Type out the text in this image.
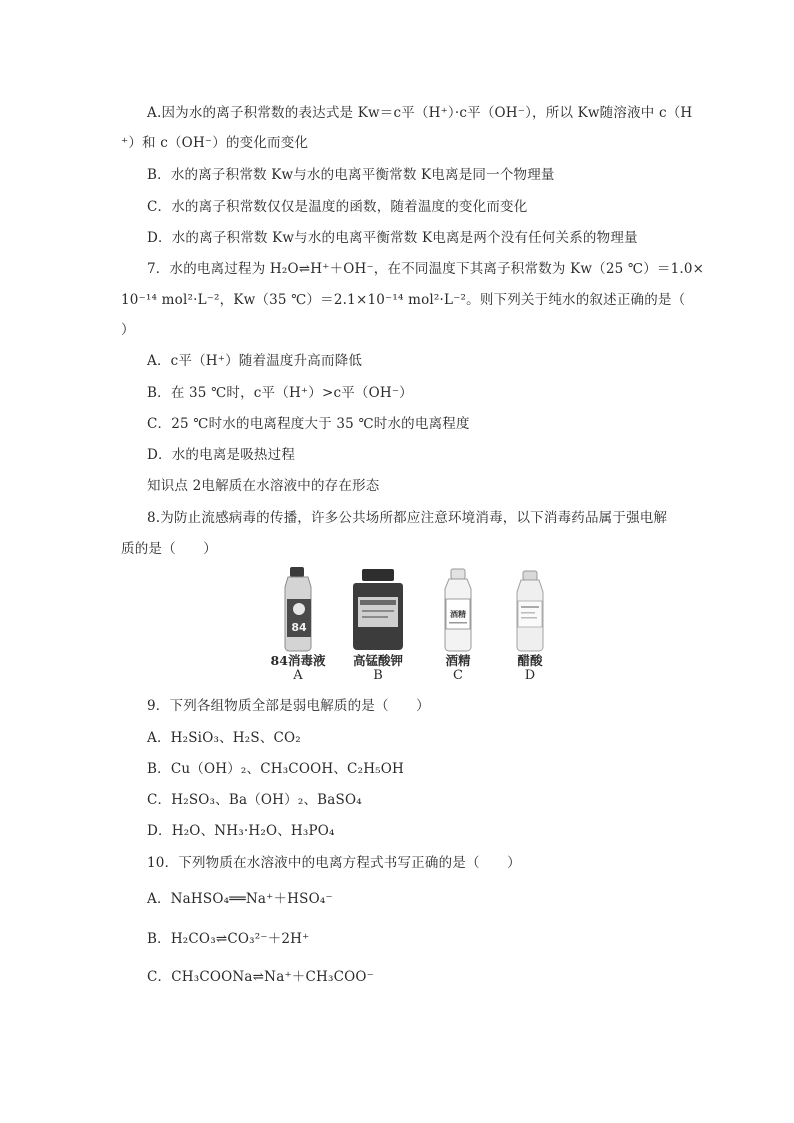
A.因为水的离子积常数的表达式是 Kw＝c平（H⁺）·c平（OH⁻），所以 Kw随溶液中 c（H

⁺）和 c（OH⁻）的变化而变化

B．水的离子积常数 Kw与水的电离平衡常数 K电离是同一个物理量

C．水的离子积常数仅仅是温度的函数，随着温度的变化而变化

D．水的离子积常数 Kw与水的电离平衡常数 K电离是两个没有任何关系的物理量

7．水的电离过程为 H₂O⇌H⁺＋OH⁻，在不同温度下其离子积常数为 Kw（25 ℃）＝1.0×

10⁻¹⁴ mol²·L⁻²，Kw（35 ℃）＝2.1×10⁻¹⁴ mol²·L⁻²。则下列关于纯水的叙述正确的是（

）

A．c平（H⁺）随着温度升高而降低

B．在 35 ℃时，c平（H⁺）>c平（OH⁻）

C．25 ℃时水的电离程度大于 35 ℃时水的电离程度

D．水的电离是吸热过程

知识点 2电解质在水溶液中的存在形态

8.为防止流感病毒的传播，许多公共场所都应注意环境消毒，以下消毒药品属于强电解

质的是（　　）

84
84消毒液
A
高锰酸钾
B
酒精
酒精
C
醋酸
D

9．下列各组物质全部是弱电解质的是（　　）

A．H₂SiO₃、H₂S、CO₂

B．Cu（OH）₂、CH₃COOH、C₂H₅OH

C．H₂SO₃、Ba（OH）₂、BaSO₄

D．H₂O、NH₃·H₂O、H₃PO₄

10．下列物质在水溶液中的电离方程式书写正确的是（　　）

A．NaHSO₄══Na⁺＋HSO₄⁻

B．H₂CO₃⇌CO₃²⁻＋2H⁺

C．CH₃COONa⇌Na⁺＋CH₃COO⁻
